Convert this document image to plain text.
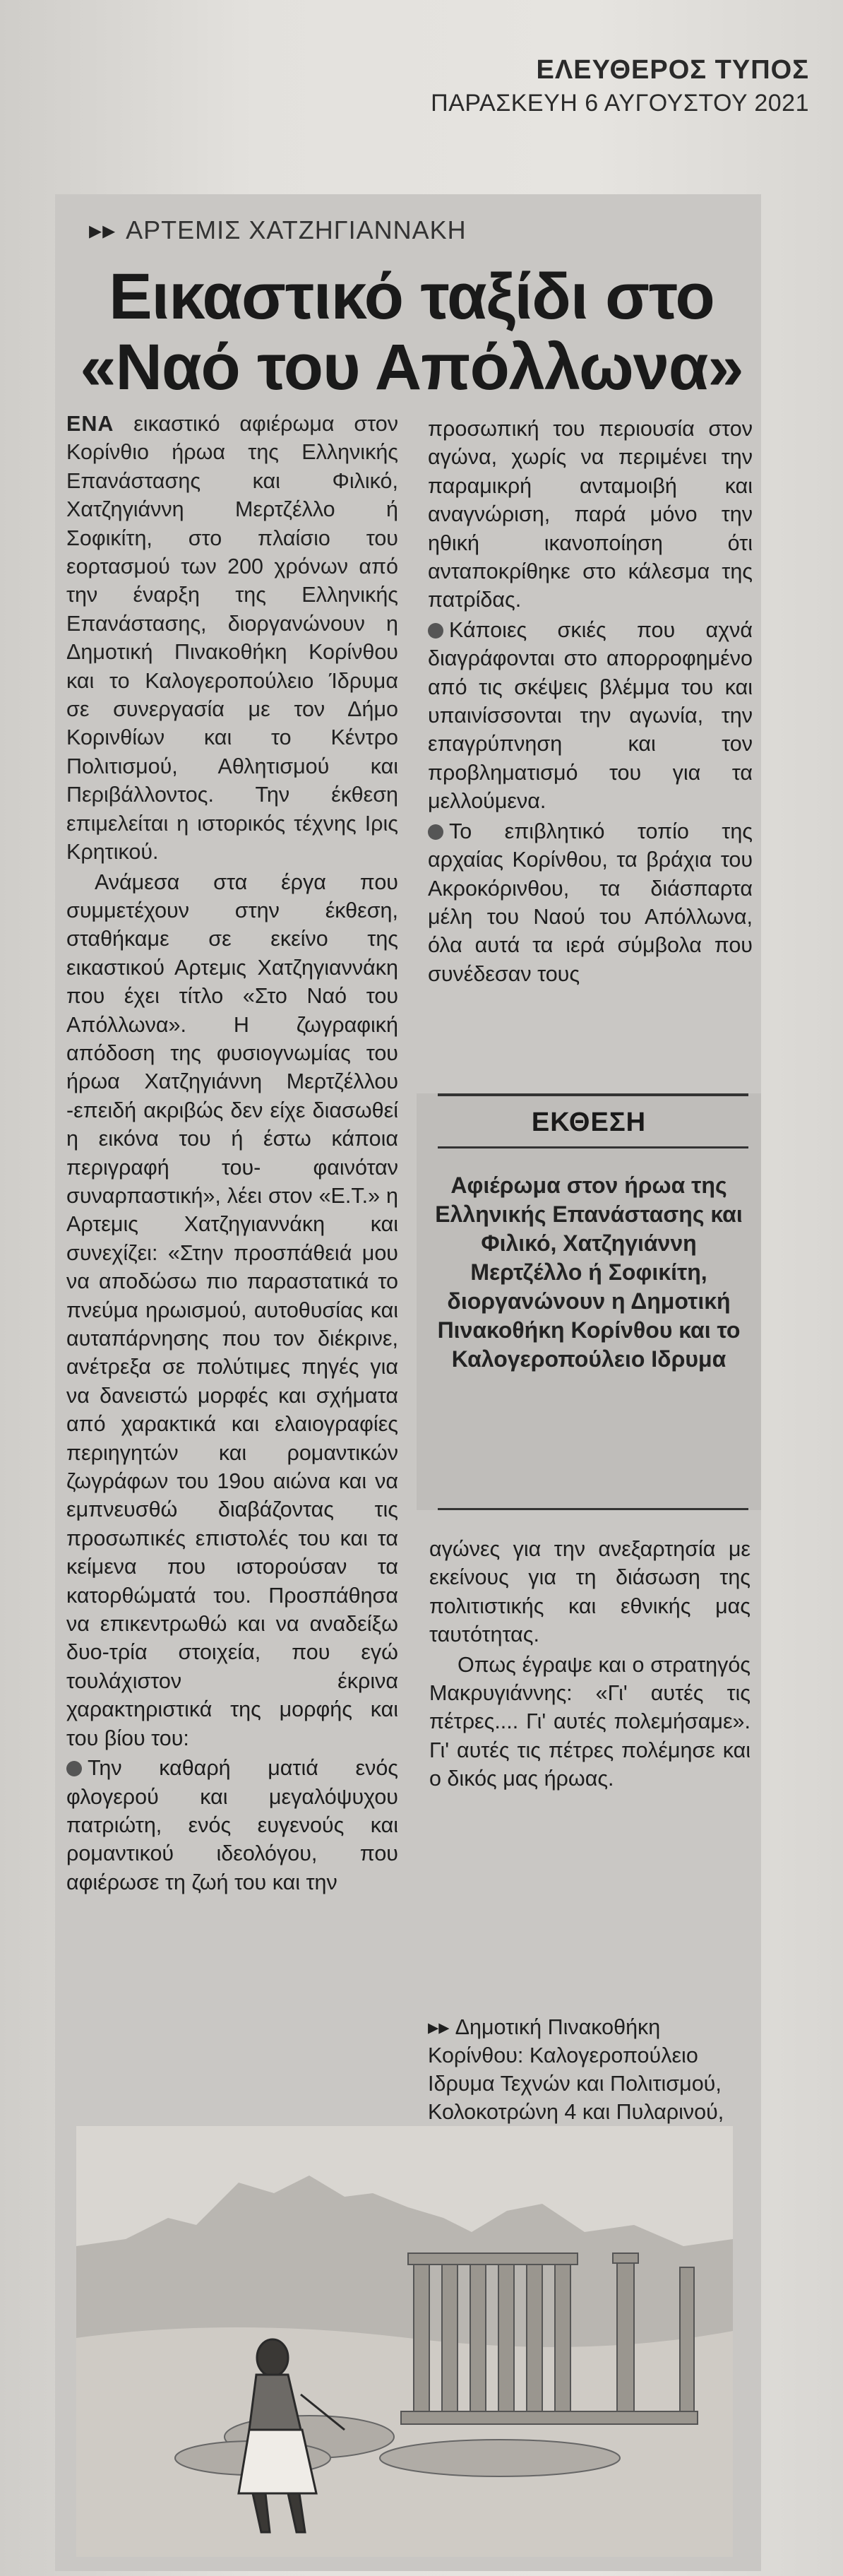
ΕΛΕΥΘΕΡΟΣ ΤΥΠΟΣ
ΠΑΡΑΣΚΕΥΗ 6 ΑΥΓΟΥΣΤΟΥ 2021
▸▸ ΑΡΤΕΜΙΣ ΧΑΤΖΗΓΙΑΝΝΑΚΗ
Εικαστικό ταξίδι στο
«Ναό του Απόλλωνα»

ΕΝΑ εικαστικό αφιέρωμα στον Κορίνθιο ήρωα της Ελληνικής Επανάστασης και Φιλικό, Χατζηγιάννη Μερτζέλλο ή Σοφικίτη, στο πλαίσιο του εορτασμού των 200 χρόνων από την έναρξη της Ελληνικής Επανάστασης, διοργανώνουν η Δημοτική Πινακοθήκη Κορίνθου και το Καλογεροπούλειο Ίδρυμα σε συνεργασία με τον Δήμο Κορινθίων και το Κέντρο Πολιτισμού, Αθλητισμού και Περιβάλλοντος. Την έκθεση επιμελείται η ιστορικός τέχνης Ιρις Κρητικού.

Ανάμεσα στα έργα που συμμετέχουν στην έκθεση, σταθήκαμε σε εκείνο της εικαστικού Αρτεμις Χατζηγιαννάκη που έχει τίτλο «Στο Ναό του Απόλλωνα». Η ζωγραφική απόδοση της φυσιογνωμίας του ήρωα Χατζηγιάννη Μερτζέλλου -επειδή ακριβώς δεν είχε διασωθεί η εικόνα του ή έστω κάποια περιγραφή του- φαινόταν συναρπαστική», λέει στον «Ε.Τ.» η Αρτεμις Χατζηγιαννάκη και συνεχίζει: «Στην προσπάθειά μου να αποδώσω πιο παραστατικά το πνεύμα ηρωισμού, αυτοθυσίας και αυταπάρνησης που τον διέκρινε, ανέτρεξα σε πολύτιμες πηγές για να δανειστώ μορφές και σχήματα από χαρακτικά και ελαιογραφίες περιηγητών και ρομαντικών ζωγράφων του 19ου αιώνα και να εμπνευσθώ διαβάζοντας τις προσωπικές επιστολές του και τα κείμενα που ιστορούσαν τα κατορθώματά του. Προσπάθησα να επικεντρωθώ και να αναδείξω δυο-τρία στοιχεία, που εγώ τουλάχιστον έκρινα χαρακτηριστικά της μορφής και του βίου του:

Την καθαρή ματιά ενός φλογερού και μεγαλόψυχου πατριώτη, ενός ευγενούς και ρομαντικού ιδεολόγου, που αφιέρωσε τη ζωή του και την

προσωπική του περιουσία στον αγώνα, χωρίς να περιμένει την παραμικρή ανταμοιβή και αναγνώριση, παρά μόνο την ηθική ικανοποίηση ότι ανταποκρίθηκε στο κάλεσμα της πατρίδας.

Κάποιες σκιές που αχνά διαγράφονται στο απορροφημένο από τις σκέψεις βλέμμα του και υπαινίσσονται την αγωνία, την επαγρύπνηση και τον προβληματισμό του για τα μελλούμενα.

Το επιβλητικό τοπίο της αρχαίας Κορίνθου, τα βράχια του Ακροκόρινθου, τα διάσπαρτα μέλη του Ναού του Απόλλωνα, όλα αυτά τα ιερά σύμβολα που συνέδεσαν τους

ΕΚΘΕΣΗ
Αφιέρωμα στον ήρωα της Ελληνικής Επανάστασης και Φιλικό, Χατζηγιάννη Μερτζέλλο ή Σοφικίτη, διοργανώνουν η Δημοτική Πινακοθήκη Κορίνθου και το Καλογεροπούλειο Ιδρυμα

αγώνες για την ανεξαρτησία με εκείνους για τη διάσωση της πολιτιστικής και εθνικής μας ταυτότητας.

Οπως έγραψε και ο στρατηγός Μακρυγιάννης: «Γι' αυτές τις πέτρες.... Γι' αυτές πολεμήσαμε». Γι' αυτές τις πέτρες πολέμησε και ο δικός μας ήρωας.

▸▸ Δημοτική Πινακοθήκη Κορίνθου: Καλογεροπούλειο Ιδρυμα Τεχνών και Πολιτισμού, Κολοκοτρώνη 4 και Πυλαρινού,
